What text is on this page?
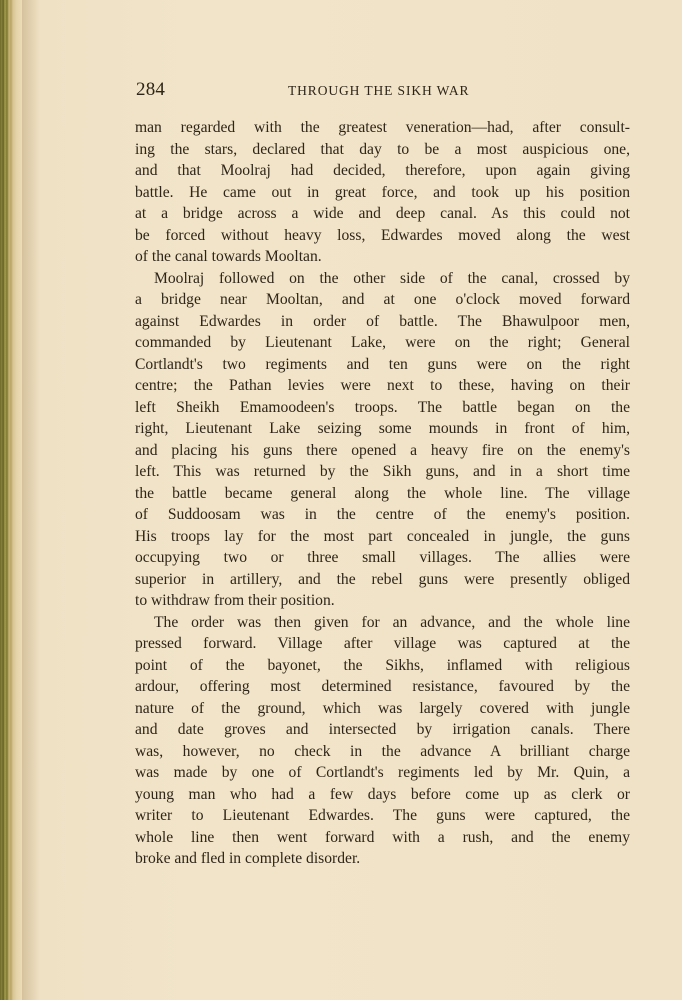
284	THROUGH THE SIKH WAR
man regarded with the greatest veneration—had, after consult-
ing the stars, declared that day to be a most auspicious one,
and that Moolraj had decided, therefore, upon again giving
battle. He came out in great force, and took up his position
at a bridge across a wide and deep canal. As this could not
be forced without heavy loss, Edwardes moved along the west
of the canal towards Mooltan.
Moolraj followed on the other side of the canal, crossed by
a bridge near Mooltan, and at one o'clock moved forward
against Edwardes in order of battle. The Bhawulpoor men,
commanded by Lieutenant Lake, were on the right; General
Cortlandt's two regiments and ten guns were on the right
centre; the Pathan levies were next to these, having on their
left Sheikh Emamoodeen's troops. The battle began on the
right, Lieutenant Lake seizing some mounds in front of him,
and placing his guns there opened a heavy fire on the enemy's
left. This was returned by the Sikh guns, and in a short time
the battle became general along the whole line. The village
of Suddoosam was in the centre of the enemy's position.
His troops lay for the most part concealed in jungle, the guns
occupying two or three small villages. The allies were
superior in artillery, and the rebel guns were presently obliged
to withdraw from their position.
The order was then given for an advance, and the whole line
pressed forward. Village after village was captured at the
point of the bayonet, the Sikhs, inflamed with religious
ardour, offering most determined resistance, favoured by the
nature of the ground, which was largely covered with jungle
and date groves and intersected by irrigation canals. There
was, however, no check in the advance A brilliant charge
was made by one of Cortlandt's regiments led by Mr. Quin, a
young man who had a few days before come up as clerk or
writer to Lieutenant Edwardes. The guns were captured, the
whole line then went forward with a rush, and the enemy
broke and fled in complete disorder.
